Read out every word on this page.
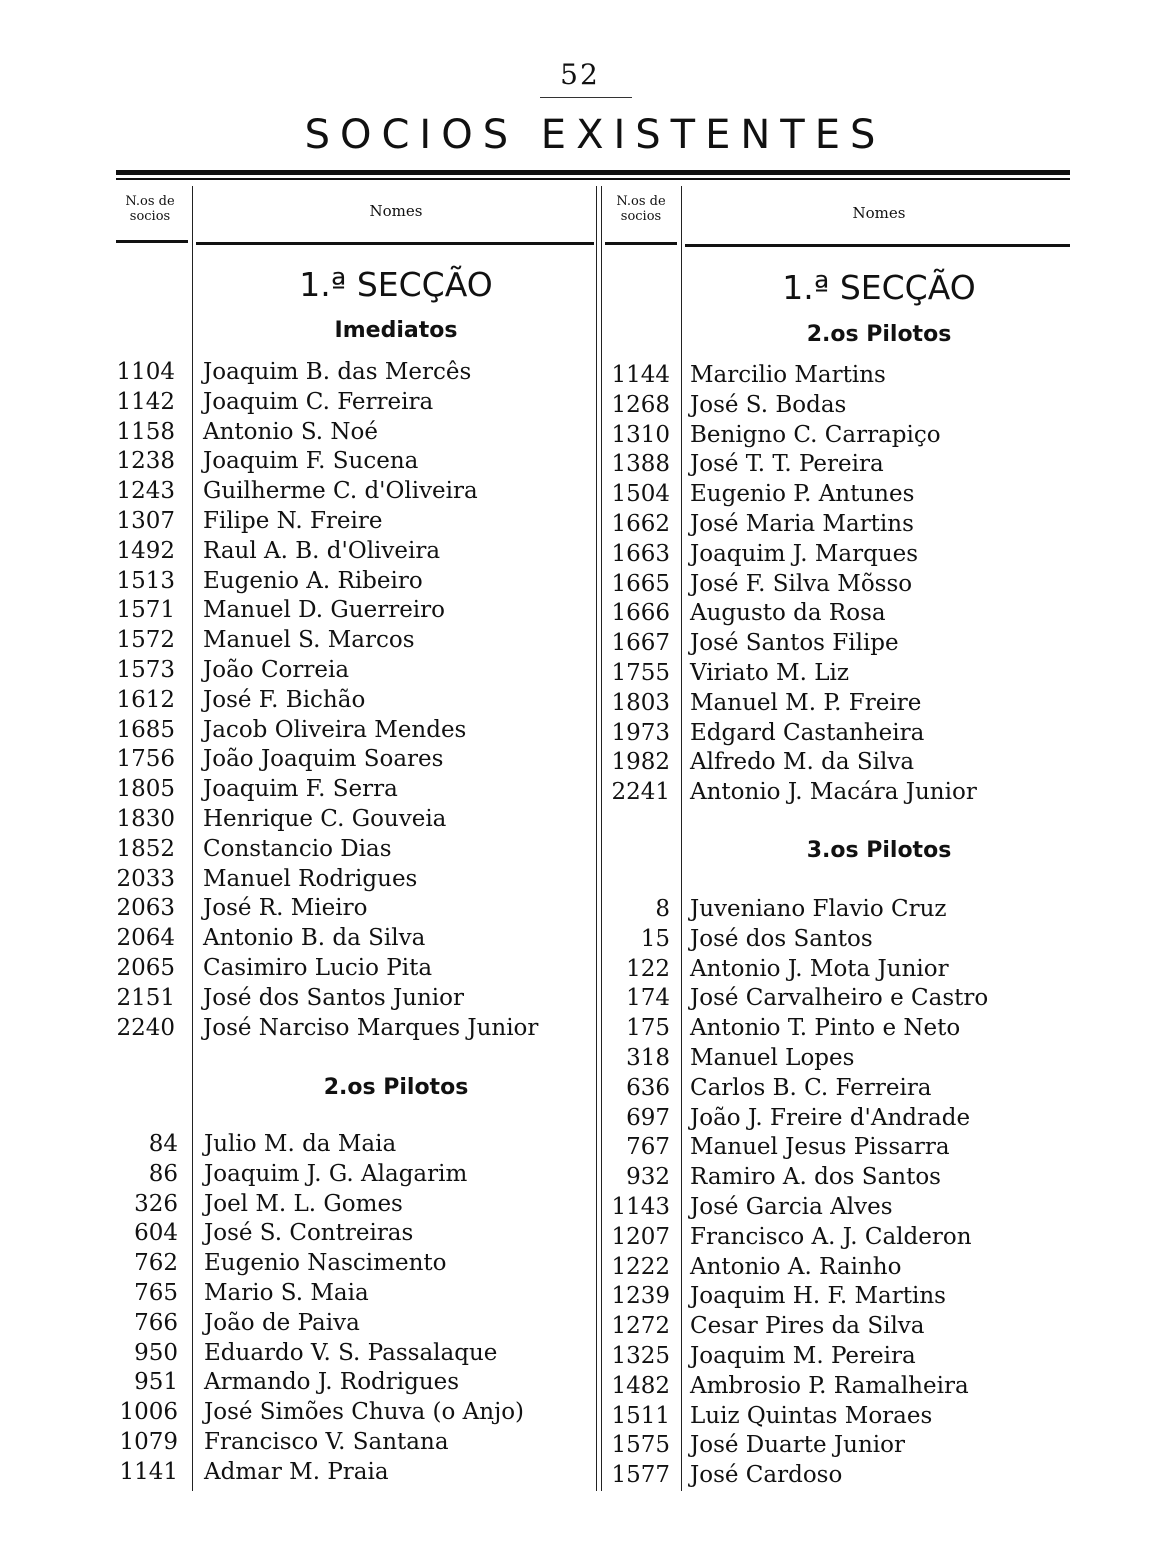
52
SOCIOS EXISTENTES
N.os de
socios	Nomes
N.os de
socios	Nomes
1.ª SECÇÃO
Imediatos
1104 Joaquim B. das Mercês
1142 Joaquim C. Ferreira
1158 Antonio S. Noé
1238 Joaquim F. Sucena
1243 Guilherme C. d'Oliveira
1307 Filipe N. Freire
1492 Raul A. B. d'Oliveira
1513 Eugenio A. Ribeiro
1571 Manuel D. Guerreiro
1572 Manuel S. Marcos
1573 João Correia
1612 José F. Bichão
1685 Jacob Oliveira Mendes
1756 João Joaquim Soares
1805 Joaquim F. Serra
1830 Henrique C. Gouveia
1852 Constancio Dias
2033 Manuel Rodrigues
2063 José R. Mieiro
2064 Antonio B. da Silva
2065 Casimiro Lucio Pita
2151 José dos Santos Junior
2240 José Narciso Marques Junior
2.os Pilotos
84 Julio M. da Maia
86 Joaquim J. G. Alagarim
326 Joel M. L. Gomes
604 José S. Contreiras
762 Eugenio Nascimento
765 Mario S. Maia
766 João de Paiva
950 Eduardo V. S. Passalaque
951 Armando J. Rodrigues
1006 José Simões Chuva (o Anjo)
1079 Francisco V. Santana
1141 Admar M. Praia
1.ª SECÇÃO
2.os Pilotos
1144 Marcilio Martins
1268 José S. Bodas
1310 Benigno C. Carrapiço
1388 José T. T. Pereira
1504 Eugenio P. Antunes
1662 José Maria Martins
1663 Joaquim J. Marques
1665 José F. Silva Mõsso
1666 Augusto da Rosa
1667 José Santos Filipe
1755 Viriato M. Liz
1803 Manuel M. P. Freire
1973 Edgard Castanheira
1982 Alfredo M. da Silva
2241 Antonio J. Macára Junior
3.os Pilotos
8 Juveniano Flavio Cruz
15 José dos Santos
122 Antonio J. Mota Junior
174 José Carvalheiro e Castro
175 Antonio T. Pinto e Neto
318 Manuel Lopes
636 Carlos B. C. Ferreira
697 João J. Freire d'Andrade
767 Manuel Jesus Pissarra
932 Ramiro A. dos Santos
1143 José Garcia Alves
1207 Francisco A. J. Calderon
1222 Antonio A. Rainho
1239 Joaquim H. F. Martins
1272 Cesar Pires da Silva
1325 Joaquim M. Pereira
1482 Ambrosio P. Ramalheira
1511 Luiz Quintas Moraes
1575 José Duarte Junior
1577 José Cardoso
